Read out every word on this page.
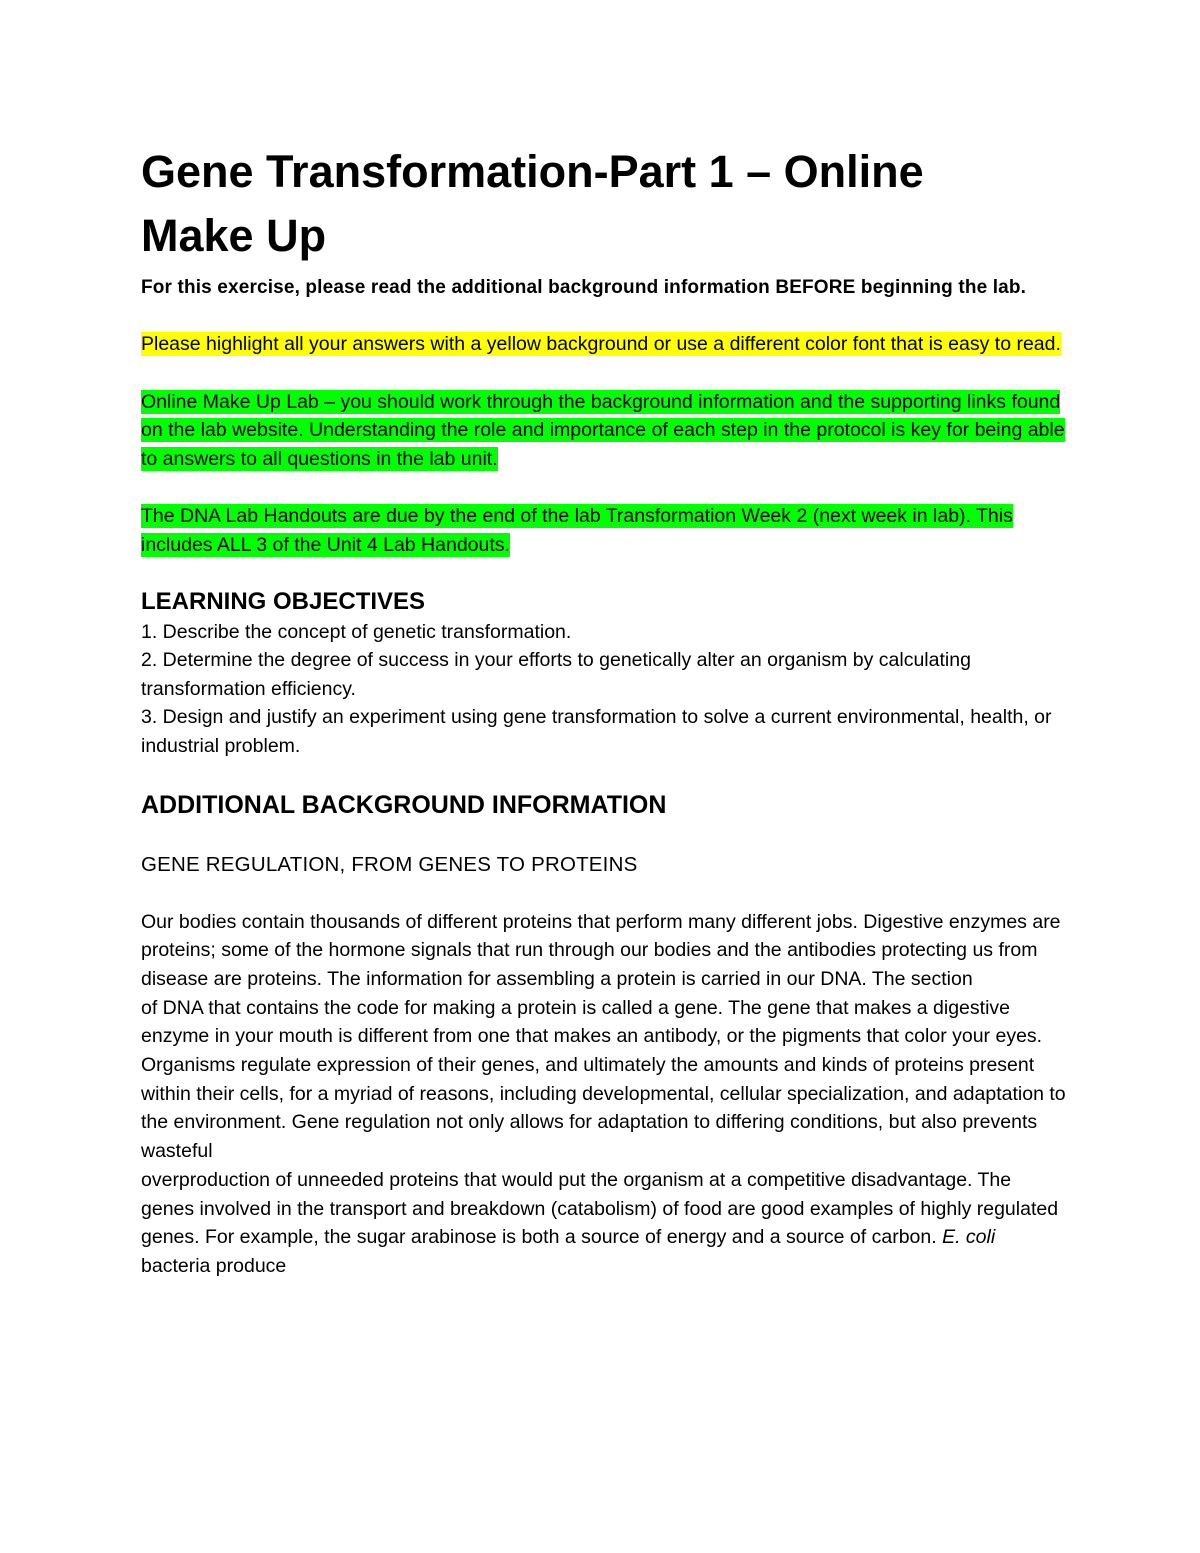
Gene Transformation-Part 1 – Online
Make Up

For this exercise, please read the additional background information BEFORE beginning the lab.

Please highlight all your answers with a yellow background or use a different color font that is easy to read.

Online Make Up Lab – you should work through the background information and the supporting links found on the lab website. Understanding the role and importance of each step in the protocol is key for being able to answers to all questions in the lab unit.

The DNA Lab Handouts are due by the end of the lab Transformation Week 2 (next week in lab). This includes ALL 3 of the Unit 4 Lab Handouts.

LEARNING OBJECTIVES

1. Describe the concept of genetic transformation.

2. Determine the degree of success in your efforts to genetically alter an organism by calculating transformation efficiency.

3. Design and justify an experiment using gene transformation to solve a current environmental, health, or industrial problem.

ADDITIONAL BACKGROUND INFORMATION

GENE REGULATION, FROM GENES TO PROTEINS

Our bodies contain thousands of different proteins that perform many different jobs. Digestive enzymes are proteins; some of the hormone signals that run through our bodies and the antibodies protecting us from disease are proteins. The information for assembling a protein is carried in our DNA. The section

of DNA that contains the code for making a protein is called a gene. The gene that makes a digestive enzyme in your mouth is different from one that makes an antibody, or the pigments that color your eyes.

Organisms regulate expression of their genes, and ultimately the amounts and kinds of proteins present within their cells, for a myriad of reasons, including developmental, cellular specialization, and adaptation to the environment. Gene regulation not only allows for adaptation to differing conditions, but also prevents wasteful

overproduction of unneeded proteins that would put the organism at a competitive disadvantage. The genes involved in the transport and breakdown (catabolism) of food are good examples of highly regulated genes. For example, the sugar arabinose is both a source of energy and a source of carbon. E. coli bacteria produce
